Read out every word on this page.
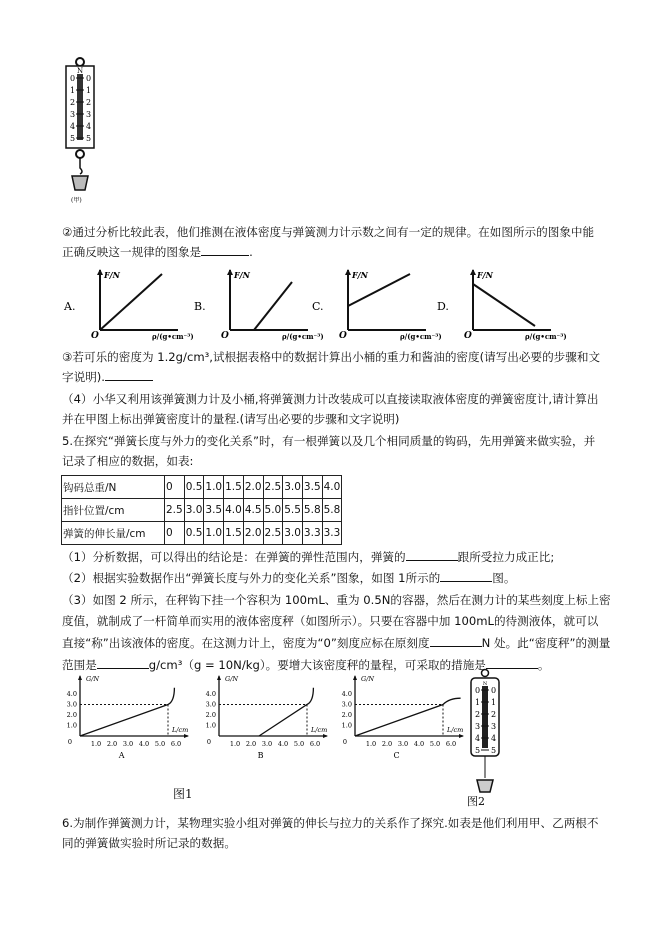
0 0
1 1
2 2
3 3
4 4
5 5
N
(甲)
②通过分析比较此表，他们推测在液体密度与弹簧测力计示数之间有一定的规律。在如图所示的图象中能
正确反映这一规律的图象是	.
A.
F/N
ρ/(g•cm⁻³)
O
B.
F/N
ρ/(g•cm⁻³)
O
C.
F/N
ρ/(g•cm⁻³)
O
D.
F/N
ρ/(g•cm⁻³)
O
③若可乐的密度为 1.2g/cm³,试根据表格中的数据计算出小桶的重力和酱油的密度(请写出必要的步骤和文
字说明).
（4）小华又利用该弹簧测力计及小桶,将弹簧测力计改装成可以直接读取液体密度的弹簧密度计,请计算出
并在甲图上标出弹簧密度计的量程.(请写出必要的步骤和文字说明)
5.在探究“弹簧长度与外力的变化关系”时，有一根弹簧以及几个相同质量的钩码，先用弹簧来做实验，并
记录了相应的数据，如表:
钩码总重/N	0	0.5	1.0	1.5	2.0	2.5	3.0	3.5	4.0
指针位置/cm	2.5	3.0	3.5	4.0	4.5	5.0	5.5	5.8	5.8
弹簧的伸长量/cm	0	0.5	1.0	1.5	2.0	2.5	3.0	3.3	3.3
（1）分析数据，可以得出的结论是：在弹簧的弹性范围内，弹簧的	跟所受拉力成正比;
（2）根据实验数据作出“弹簧长度与外力的变化关系”图象，如图 1所示的	图。
（3）如图 2 所示，在秤钩下挂一个容积为 100mL、重为 0.5N的容器，然后在测力计的某些刻度上标上密
度值，就制成了一杆简单而实用的液体密度秤（如图所示）。只要在容器中加 100mL的待测液体，就可以
直接“称”出该液体的密度。在这测力计上，密度为“0”刻度应标在原刻度	N 处。此“密度秤”的测量
范围是	g/cm³（g = 10N/kg）。要增大该密度秤的量程，可采取的措施是	。
G/N
L/cm
0
1.0
2.0
3.0
4.0
1.0 2.0 3.0 4.0 5.0 6.0
A
G/N
L/cm
0
1.0
2.0
3.0
4.0
1.0 2.0 3.0 4.0 5.0 6.0
B
G/N
L/cm
0
1.0
2.0
3.0
4.0
1.0 2.0 3.0 4.0 5.0 6.0
C
图1
N
0 0
1 1
2 2
3 3
4 4
5 5
图2
6.为制作弹簧测力计，某物理实验小组对弹簧的伸长与拉力的关系作了探究.如表是他们利用甲、乙两根不
同的弹簧做实验时所记录的数据。
